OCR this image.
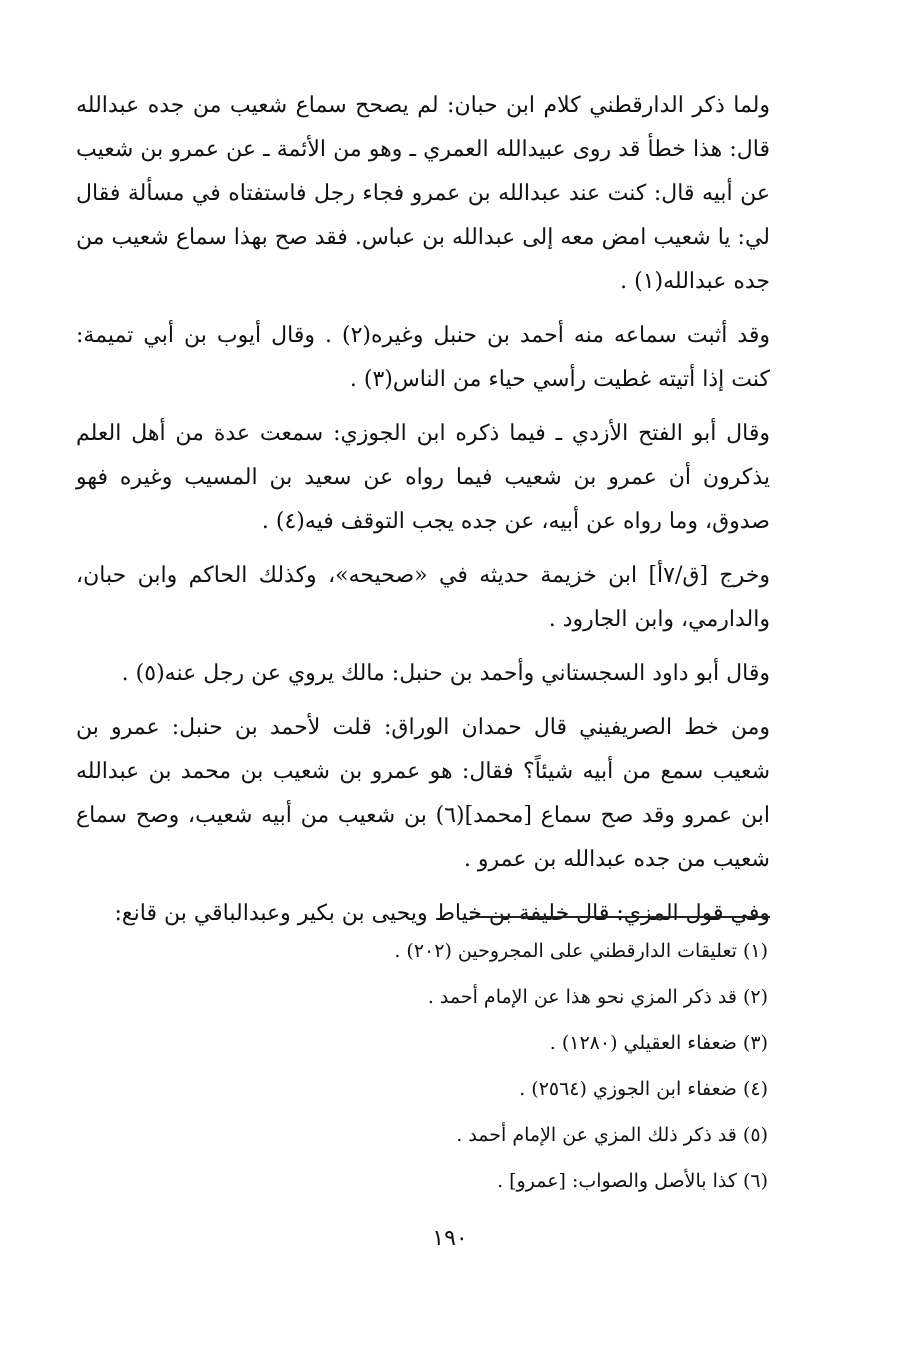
ولما ذكر الدارقطني كلام ابن حبان: لم يصحح سماع شعيب من جده عبدالله قال: هذا خطأ قد روى عبيدالله العمري ـ وهو من الأئمة ـ عن عمرو بن شعيب عن أبيه قال: كنت عند عبدالله بن عمرو فجاء رجل فاستفتاه في مسألة فقال لي: يا شعيب امض معه إلى عبدالله بن عباس. فقد صح بهذا سماع شعيب من جده عبدالله(١) .

وقد أثبت سماعه منه أحمد بن حنبل وغيره(٢) . وقال أيوب بن أبي تميمة: كنت إذا أتيته غطيت رأسي حياء من الناس(٣) .

وقال أبو الفتح الأزدي ـ فيما ذكره ابن الجوزي: سمعت عدة من أهل العلم يذكرون أن عمرو بن شعيب فيما رواه عن سعيد بن المسيب وغيره فهو صدوق، وما رواه عن أبيه، عن جده يجب التوقف فيه(٤) .

وخرج [ق/٧أ] ابن خزيمة حديثه في «صحيحه»، وكذلك الحاكم وابن حبان، والدارمي، وابن الجارود .

وقال أبو داود السجستاني وأحمد بن حنبل: مالك يروي عن رجل عنه(٥) .

ومن خط الصريفيني قال حمدان الوراق: قلت لأحمد بن حنبل: عمرو بن شعيب سمع من أبيه شيئاً؟ فقال: هو عمرو بن شعيب بن محمد بن عبدالله ابن عمرو وقد صح سماع [محمد](٦) بن شعيب من أبيه شعيب، وصح سماع شعيب من جده عبدالله بن عمرو .

وفي قول المزي: قال خليفة بن خياط ويحيى بن بكير وعبدالباقي بن قانع:

(١) تعليقات الدارقطني على المجروحين (٢٠٢) .

(٢) قد ذكر المزي نحو هذا عن الإمام أحمد .

(٣) ضعفاء العقيلي (١٢٨٠) .

(٤) ضعفاء ابن الجوزي (٢٥٦٤) .

(٥) قد ذكر ذلك المزي عن الإمام أحمد .

(٦) كذا بالأصل والصواب: [عمرو] .

١٩٠
